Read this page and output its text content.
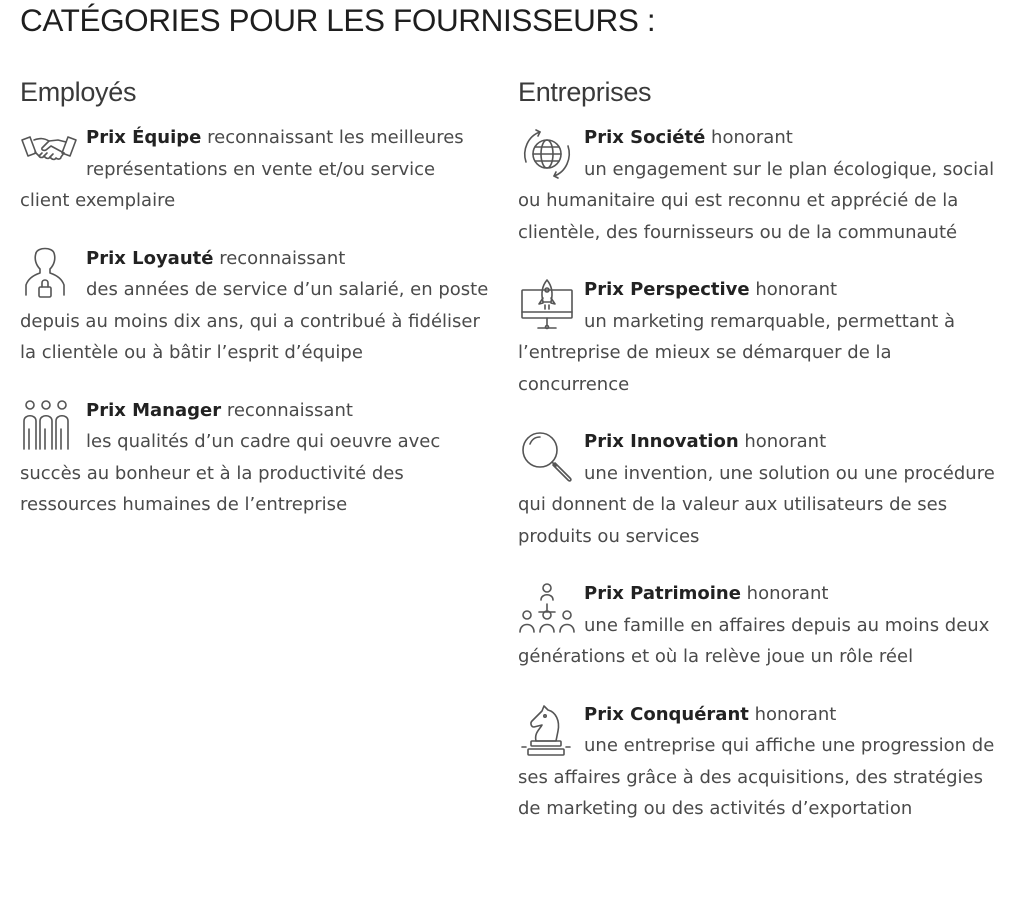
CATÉGORIES POUR LES FOURNISSEURS :
Employés
Prix Équipe reconnaissant les meilleures représentations en vente et/ou service client exemplaire
Prix Loyauté reconnaissant
des années de service d’un salarié, en poste depuis au moins dix ans, qui a contribué à fidéliser la clientèle ou à bâtir l’esprit d’équipe
Prix Manager reconnaissant
les qualités d’un cadre qui oeuvre avec succès au bonheur et à la productivité des ressources humaines de l’entreprise
Entreprises
Prix Société honorant
un engagement sur le plan écologique, social ou humanitaire qui est reconnu et apprécié de la clientèle, des fournisseurs ou de la communauté
Prix Perspective honorant
un marketing remarquable, permettant à l’entreprise de mieux se démarquer de la concurrence
Prix Innovation honorant
une invention, une solution ou une procédure qui donnent de la valeur aux utilisateurs de ses produits ou services
Prix Patrimoine honorant
une famille en affaires depuis au moins deux générations et où la relève joue un rôle réel
Prix Conquérant honorant
une entreprise qui affiche une progression de ses affaires grâce à des acquisitions, des stratégies de marketing ou des activités d’exportation
